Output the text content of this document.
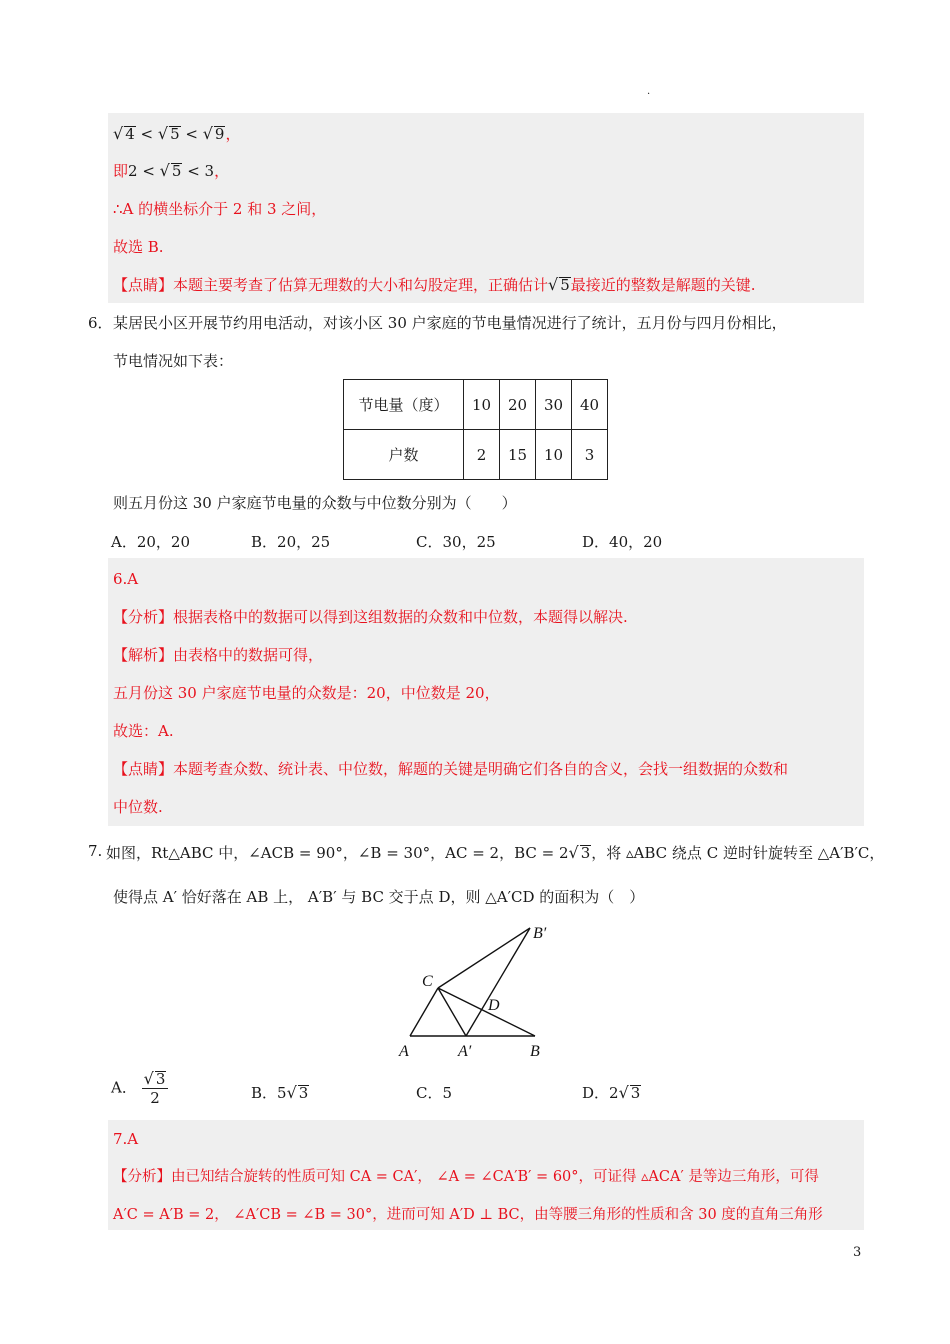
.
√ 4 < √ 5 < √ 9，
即2 < √ 5 < 3，
∴A 的横坐标介于 2 和 3 之间，
故选 B.
【点睛】本题主要考查了估算无理数的大小和勾股定理，正确估计√ 5最接近的整数是解题的关键.
6． 某居民小区开展节约用电活动，对该小区 30 户家庭的节电量情况进行了统计，五月份与四月份相比，
节电情况如下表：
节电量（度）	10	20	30	40
户数	2	15	10	3
则五月份这 30 户家庭节电量的众数与中位数分别为（　　）
A．20，20	B．20，25	C．30，25	D．40，20
6.A
【分析】根据表格中的数据可以得到这组数据的众数和中位数，本题得以解决.
【解析】由表格中的数据可得，
五月份这 30 户家庭节电量的众数是：20，中位数是 20，
故选：A.
【点睛】本题考查众数、统计表、中位数，解题的关键是明确它们各自的含义，会找一组数据的众数和
中位数.
7. 如图，Rt△ABC 中，∠ACB = 90°，∠B = 30°，AC = 2，BC = 2√ 3，将 ▵ABC 绕点 C 逆时针旋转至 △A′B′C，
使得点 A′ 恰好落在 AB 上， A′B′ 与 BC 交于点 D，则 △A′CD 的面积为（　）
A	A′	B
C
D
B′
A． $\frac{√ 3}{2}$	B．5√ 3	C．5	D．2√ 3
7.A
【分析】由已知结合旋转的性质可知 CA = CA′， ∠A = ∠CA′B′ = 60°，可证得 ▵ACA′ 是等边三角形，可得
A′C = A′B = 2， ∠A′CB = ∠B = 30°，进而可知 A′D ⊥ BC，由等腰三角形的性质和含 30 度的直角三角形
3
